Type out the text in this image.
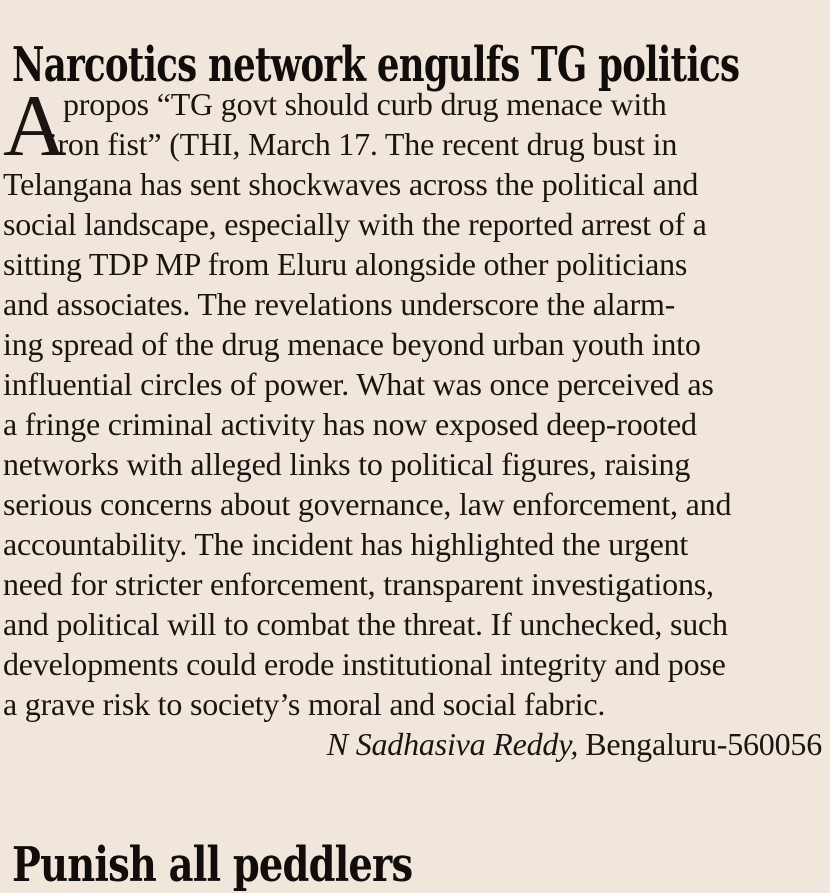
Narcotics network engulfs TG politics
A
propos “TG govt should curb drug menace with
iron fist” (THI, March 17. The recent drug bust in
Telangana has sent shockwaves across the political and
social landscape, especially with the reported arrest of a
sitting TDP MP from Eluru alongside other politicians
and associates. The revelations underscore the alarm-
ing spread of the drug menace beyond urban youth into
influential circles of power. What was once perceived as
a fringe criminal activity has now exposed deep-rooted
networks with alleged links to political figures, raising
serious concerns about governance, law enforcement, and
accountability. The incident has highlighted the urgent
need for stricter enforcement, transparent investigations,
and political will to combat the threat. If unchecked, such
developments could erode institutional integrity and pose
a grave risk to society’s moral and social fabric.
N Sadhasiva Reddy, Bengaluru-560056
Punish all peddlers
